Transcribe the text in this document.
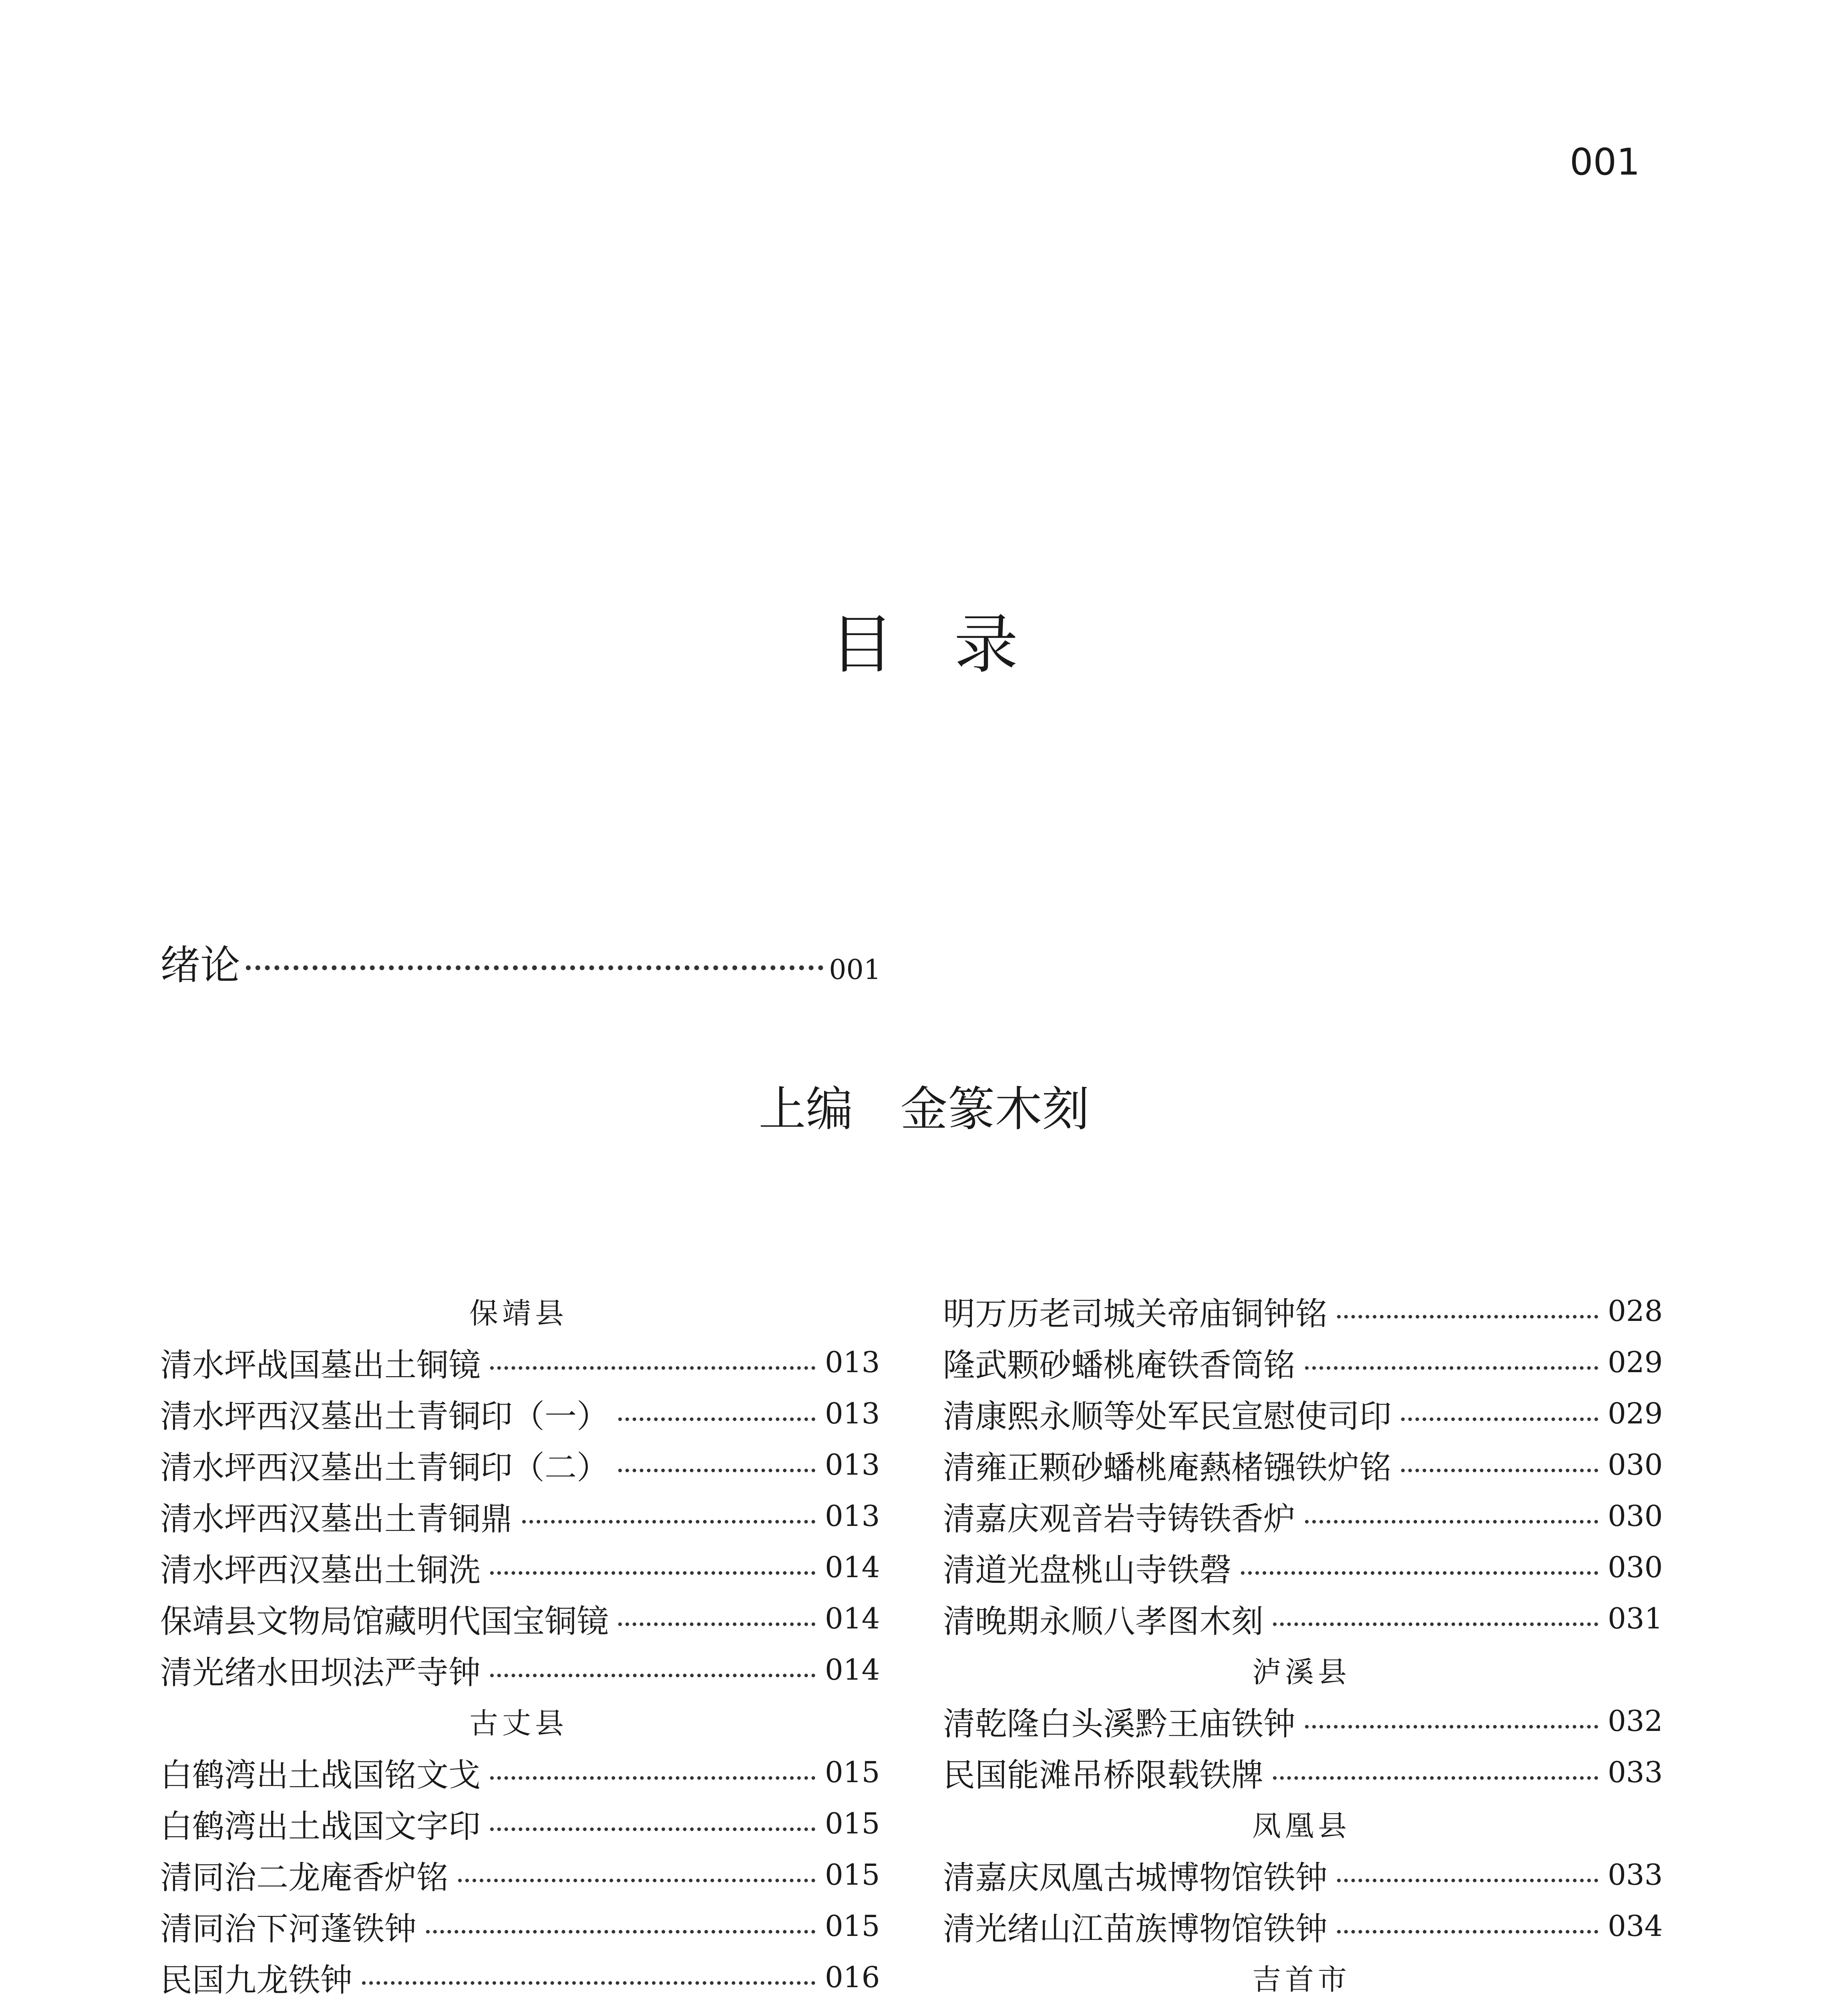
001
目录
绪论	001
上编　金篆木刻
保靖县
清水坪战国墓出土铜镜	013
清水坪西汉墓出土青铜印（一）	013
清水坪西汉墓出土青铜印（二）	013
清水坪西汉墓出土青铜鼎	013
清水坪西汉墓出土铜洗	014
保靖县文物局馆藏明代国宝铜镜	014
清光绪水田坝法严寺钟	014
古丈县
白鹤湾出土战国铭文戈	015
白鹤湾出土战国文字印	015
清同治二龙庵香炉铭	015
清同治下河蓬铁钟	015
民国九龙铁钟	016
明万历老司城关帝庙铜钟铭	028
隆武颗砂蟠桃庵铁香筒铭	029
清康熙永顺等处军民宣慰使司印	029
清雍正颗砂蟠桃庵爇楮镪铁炉铭	030
清嘉庆观音岩寺铸铁香炉	030
清道光盘桃山寺铁磬	030
清晚期永顺八孝图木刻	031
泸溪县
清乾隆白头溪黔王庙铁钟	032
民国能滩吊桥限载铁牌	033
凤凰县
清嘉庆凤凰古城博物馆铁钟	033
清光绪山江苗族博物馆铁钟	034
吉首市
